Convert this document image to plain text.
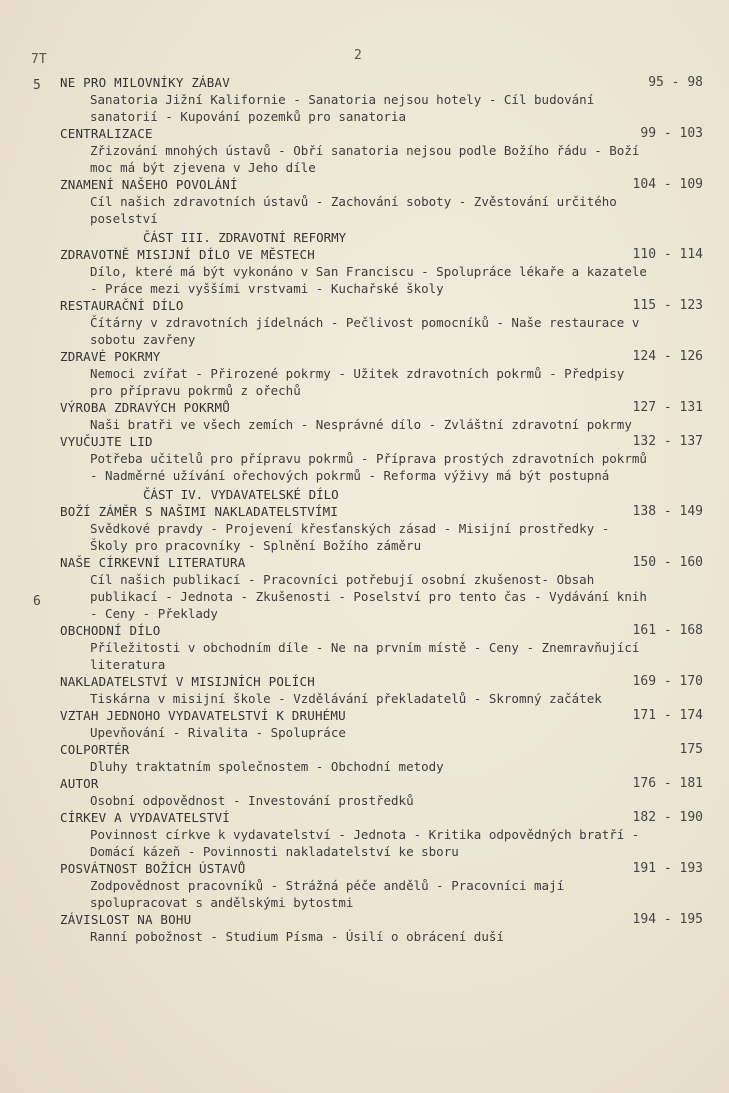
7T	2
5
6
NE PRO MILOVNÍKY ZÁBAV	95 - 98
Sanatoria Jižní Kalifornie - Sanatoria nejsou hotely - Cíl budování sanatorií - Kupování pozemků pro sanatoria
CENTRALIZACE	99 - 103
Zřizování mnohých ústavů - Obří sanatoria nejsou podle Božího řádu - Boží moc má být zjevena v Jeho díle
ZNAMENÍ NAŠEHO POVOLÁNÍ	104 - 109
Cíl našich zdravotních ústavů - Zachování soboty - Zvěstování určitého poselství
ČÁST III. ZDRAVOTNÍ REFORMY
ZDRAVOTNĚ MISIJNÍ DÍLO VE MĚSTECH	110 - 114
Dílo, které má být vykonáno v San Franciscu - Spolupráce lékaře a kazatele - Práce mezi vyššími vrstvami - Kuchařské školy
RESTAURAČNÍ DÍLO	115 - 123
Čítárny v zdravotních jídelnách - Pečlivost pomocníků - Naše restaurace v sobotu zavřeny
ZDRAVÉ POKRMY	124 - 126
Nemoci zvířat - Přirozené pokrmy - Užitek zdravotních pokrmů - Předpisy pro přípravu pokrmů z ořechů
VÝROBA ZDRAVÝCH POKRMŮ	127 - 131
Naši bratři ve všech zemích - Nesprávné dílo - Zvláštní zdravotní pokrmy
VYUČUJTE LID	132 - 137
Potřeba učitelů pro přípravu pokrmů - Příprava prostých zdravotních pokrmů - Nadměrné užívání ořechových pokrmů - Reforma výživy má být postupná
ČÁST IV. VYDAVATELSKÉ DÍLO
BOŽÍ ZÁMĚR S NAŠIMI NAKLADATELSTVÍMI	138 - 149
Svědkové pravdy - Projevení křesťanských zásad - Misijní prostředky - Školy pro pracovníky - Splnění Božího záměru
NAŠE CÍRKEVNÍ LITERATURA	150 - 160
Cíl našich publikací - Pracovníci potřebují osobní zkušenost- Obsah publikací - Jednota - Zkušenosti - Poselství pro tento čas - Vydávání knih - Ceny - Překlady
OBCHODNÍ DÍLO	161 - 168
Příležitosti v obchodním díle - Ne na prvním místě - Ceny - Znemravňující literatura
NAKLADATELSTVÍ V MISIJNÍCH POLÍCH	169 - 170
Tiskárna v misijní škole - Vzdělávání překladatelů - Skromný začátek
VZTAH JEDNOHO VYDAVATELSTVÍ K DRUHÉMU	171 - 174
Upevňování - Rivalita - Spolupráce
COLPORTÉR	175
Dluhy traktatním společnostem - Obchodní metody
AUTOR	176 - 181
Osobní odpovědnost - Investování prostředků
CÍRKEV A VYDAVATELSTVÍ	182 - 190
Povinnost církve k vydavatelství - Jednota - Kritika odpovědných bratří - Domácí kázeň - Povinnosti nakladatelství ke sboru
POSVÁTNOST BOŽÍCH ÚSTAVŮ	191 - 193
Zodpovědnost pracovníků - Strážná péče andělů - Pracovníci mají spolupracovat s andělskými bytostmi
ZÁVISLOST NA BOHU	194 - 195
Ranní pobožnost - Studium Písma - Úsilí o obrácení duší
